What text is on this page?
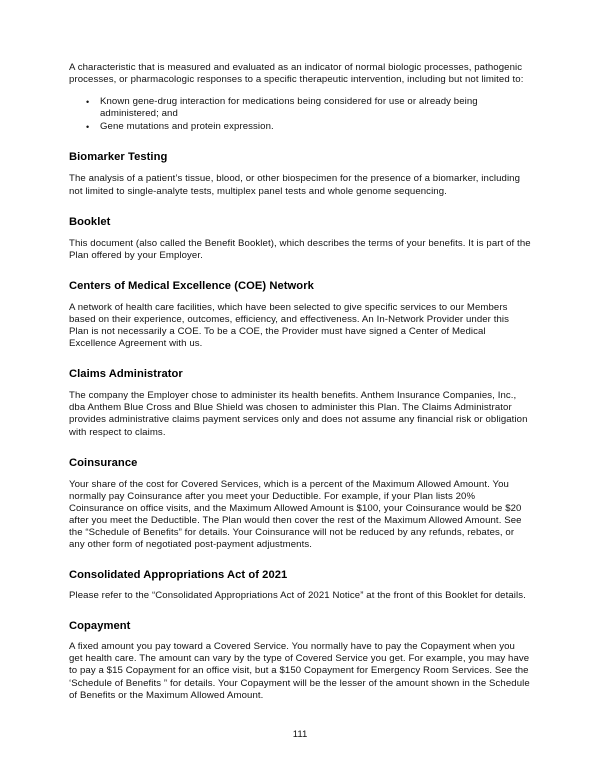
A characteristic that is measured and evaluated as an indicator of normal biologic processes, pathogenic processes, or pharmacologic responses to a specific therapeutic intervention, including but not limited to:

• Known gene-drug interaction for medications being considered for use or already being administered; and
• Gene mutations and protein expression.
Biomarker Testing

The analysis of a patient’s tissue, blood, or other biospecimen for the presence of a biomarker, including not limited to single-analyte tests, multiplex panel tests and whole genome sequencing.

Booklet

This document (also called the Benefit Booklet), which describes the terms of your benefits. It is part of the Plan offered by your Employer.

Centers of Medical Excellence (COE) Network

A network of health care facilities, which have been selected to give specific services to our Members based on their experience, outcomes, efficiency, and effectiveness. An In-Network Provider under this Plan is not necessarily a COE. To be a COE, the Provider must have signed a Center of Medical Excellence Agreement with us.

Claims Administrator

The company the Employer chose to administer its health benefits. Anthem Insurance Companies, Inc., dba Anthem Blue Cross and Blue Shield was chosen to administer this Plan. The Claims Administrator provides administrative claims payment services only and does not assume any financial risk or obligation with respect to claims.

Coinsurance

Your share of the cost for Covered Services, which is a percent of the Maximum Allowed Amount. You normally pay Coinsurance after you meet your Deductible. For example, if your Plan lists 20% Coinsurance on office visits, and the Maximum Allowed Amount is $100, your Coinsurance would be $20 after you meet the Deductible. The Plan would then cover the rest of the Maximum Allowed Amount. See the “Schedule of Benefits” for details. Your Coinsurance will not be reduced by any refunds, rebates, or any other form of negotiated post-payment adjustments.

Consolidated Appropriations Act of 2021

Please refer to the “Consolidated Appropriations Act of 2021 Notice” at the front of this Booklet for details.

Copayment

A fixed amount you pay toward a Covered Service. You normally have to pay the Copayment when you get health care. The amount can vary by the type of Covered Service you get. For example, you may have to pay a $15 Copayment for an office visit, but a $150 Copayment for Emergency Room Services. See the ‘Schedule of Benefits ” for details. Your Copayment will be the lesser of the amount shown in the Schedule of Benefits or the Maximum Allowed Amount.

111
